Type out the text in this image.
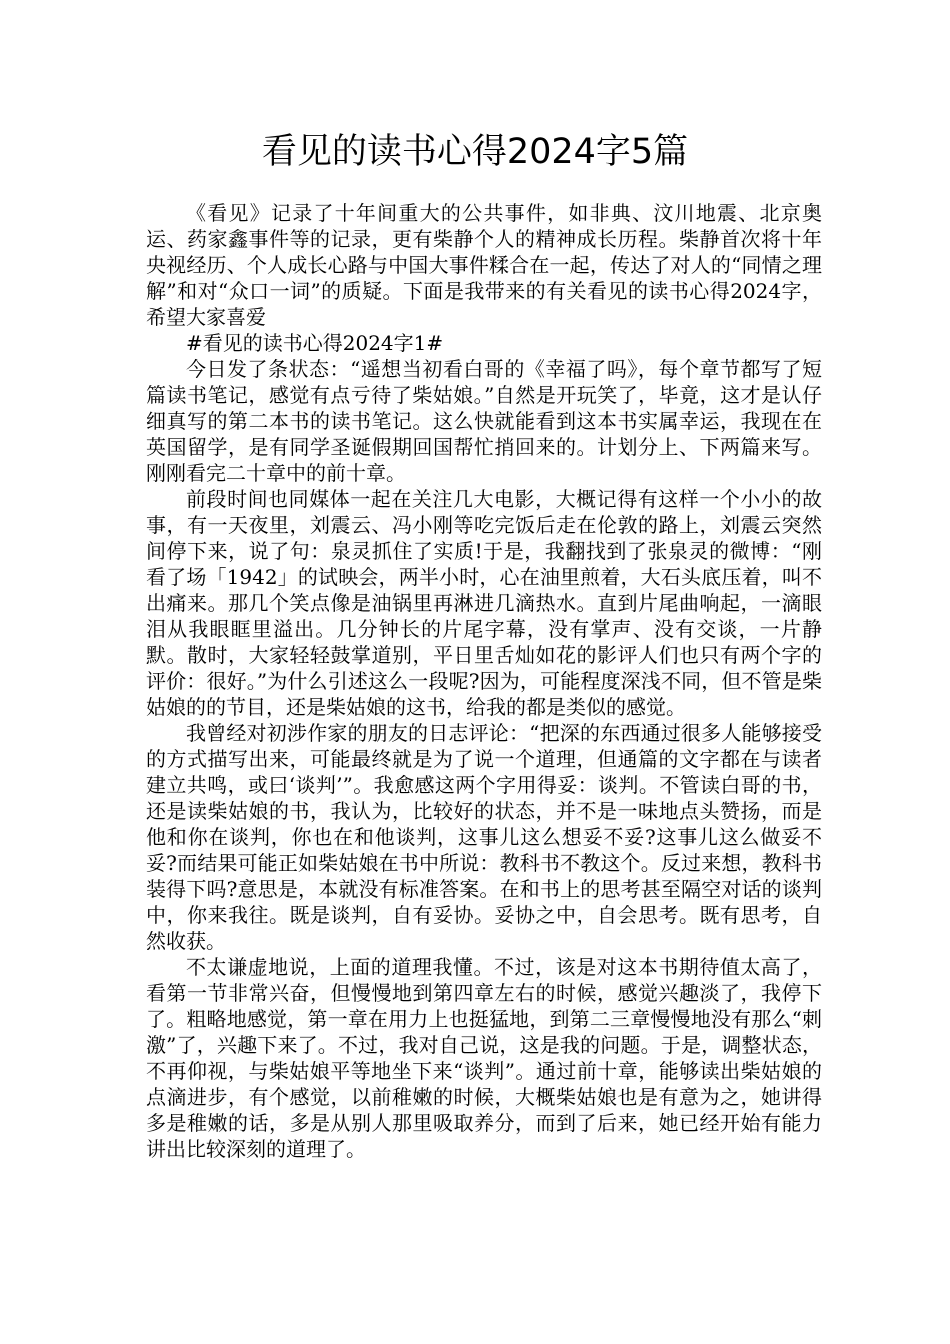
看见的读书心得2024字5篇

《看见》记录了十年间重大的公共事件，如非典、汶川地震、北京奥运、药家鑫事件等的记录，更有柴静个人的精神成长历程。柴静首次将十年央视经历、个人成长心路与中国大事件糅合在一起，传达了对人的“同情之理解”和对“众口一词”的质疑。下面是我带来的有关看见的读书心得2024字，希望大家喜爱

#看见的读书心得2024字1#

今日发了条状态：“遥想当初看白哥的《幸福了吗》，每个章节都写了短篇读书笔记，感觉有点亏待了柴姑娘。”自然是开玩笑了，毕竟，这才是认仔细真写的第二本书的读书笔记。这么快就能看到这本书实属幸运，我现在在英国留学，是有同学圣诞假期回国帮忙捎回来的。计划分上、下两篇来写。刚刚看完二十章中的前十章。

前段时间也同媒体一起在关注几大电影，大概记得有这样一个小小的故事，有一天夜里，刘震云、冯小刚等吃完饭后走在伦敦的路上，刘震云突然间停下来，说了句：泉灵抓住了实质!于是，我翻找到了张泉灵的微博：“刚看了场「1942」的试映会，两半小时，心在油里煎着，大石头底压着，叫不出痛来。那几个笑点像是油锅里再淋进几滴热水。直到片尾曲响起，一滴眼泪从我眼眶里溢出。几分钟长的片尾字幕，没有掌声、没有交谈，一片静默。散时，大家轻轻鼓掌道别，平日里舌灿如花的影评人们也只有两个字的评价：很好。”为什么引述这么一段呢?因为，可能程度深浅不同，但不管是柴姑娘的的节目，还是柴姑娘的这书，给我的都是类似的感觉。

我曾经对初涉作家的朋友的日志评论：“把深的东西通过很多人能够接受的方式描写出来，可能最终就是为了说一个道理，但通篇的文字都在与读者建立共鸣，或曰‘谈判’”。我愈感这两个字用得妥：谈判。不管读白哥的书，还是读柴姑娘的书，我认为，比较好的状态，并不是一味地点头赞扬，而是他和你在谈判，你也在和他谈判，这事儿这么想妥不妥?这事儿这么做妥不妥?而结果可能正如柴姑娘在书中所说：教科书不教这个。反过来想，教科书装得下吗?意思是，本就没有标准答案。在和书上的思考甚至隔空对话的谈判中，你来我往。既是谈判，自有妥协。妥协之中，自会思考。既有思考，自然收获。

不太谦虚地说，上面的道理我懂。不过，该是对这本书期待值太高了，看第一节非常兴奋，但慢慢地到第四章左右的时候，感觉兴趣淡了，我停下了。粗略地感觉，第一章在用力上也挺猛地，到第二三章慢慢地没有那么“刺激”了，兴趣下来了。不过，我对自己说，这是我的问题。于是，调整状态，不再仰视，与柴姑娘平等地坐下来“谈判”。通过前十章，能够读出柴姑娘的点滴进步，有个感觉，以前稚嫩的时候，大概柴姑娘也是有意为之，她讲得多是稚嫩的话，多是从别人那里吸取养分，而到了后来，她已经开始有能力讲出比较深刻的道理了。
